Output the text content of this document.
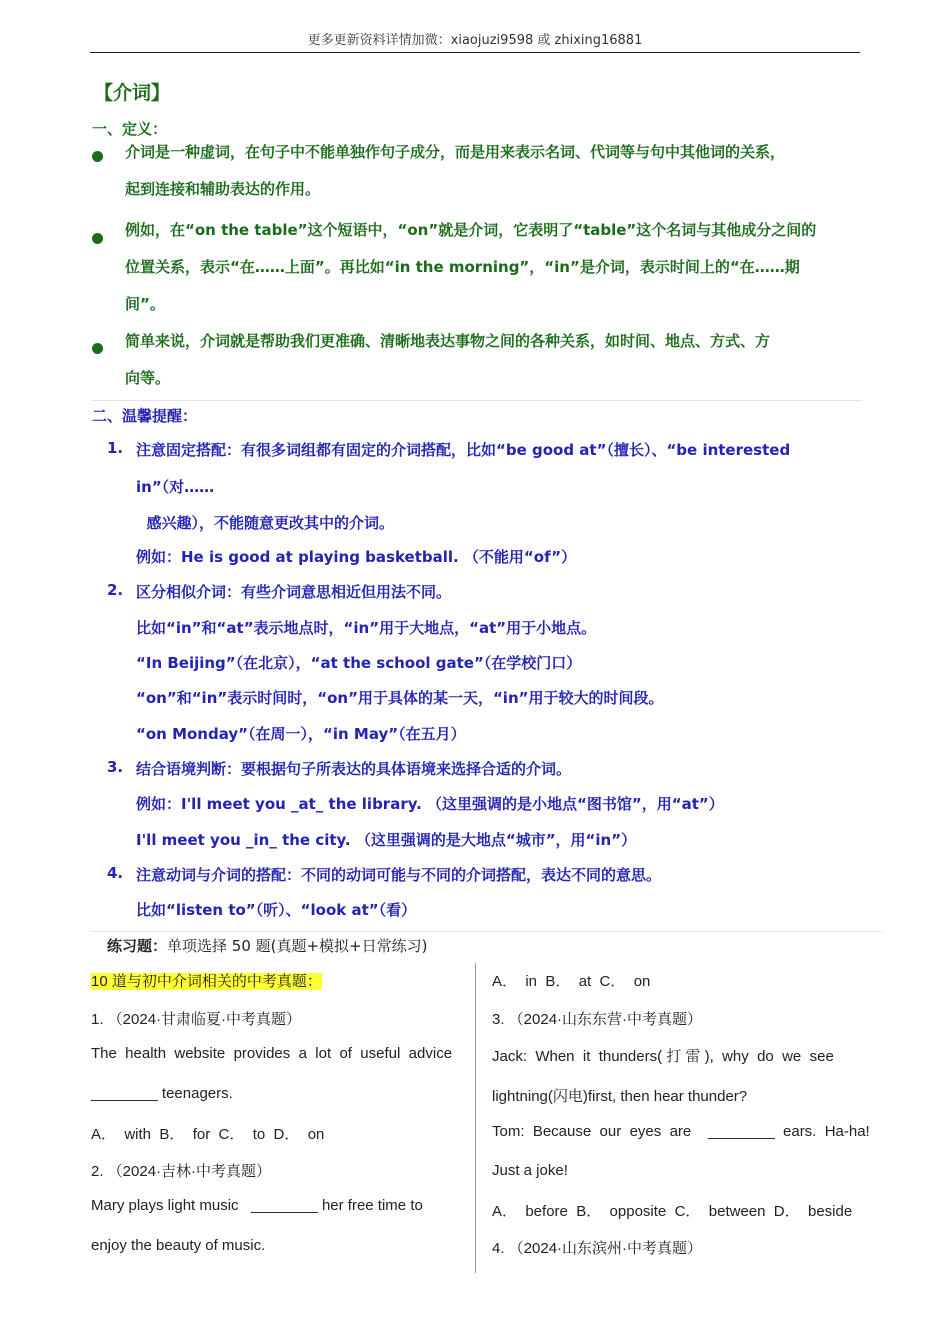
更多更新资料详情加微：xiaojuzi9598 或 zhixing16881
【介词】
一、定义：
介词是一种虚词，在句子中不能单独作句子成分，而是用来表示名词、代词等与句中其他词的关系，
起到连接和辅助表达的作用。
例如，在“on the table”这个短语中，“on”就是介词，它表明了“table”这个名词与其他成分之间的
位置关系，表示“在……上面”。再比如“in the morning”，“in”是介词，表示时间上的“在……期
间”。
简单来说，介词就是帮助我们更准确、清晰地表达事物之间的各种关系，如时间、地点、方式、方
向等。
二、温馨提醒：
1. 注意固定搭配：有很多词组都有固定的介词搭配，比如“be good at”（擅长）、“be interested
in”（对……
感兴趣），不能随意更改其中的介词。
例如：He is good at playing basketball. （不能用“of”）
2. 区分相似介词：有些介词意思相近但用法不同。
比如“in”和“at”表示地点时，“in”用于大地点，“at”用于小地点。
“In Beijing”（在北京），“at the school gate”（在学校门口）
“on”和“in”表示时间时，“on”用于具体的某一天，“in”用于较大的时间段。
“on Monday”（在周一），“in May”（在五月）
3. 结合语境判断：要根据句子所表达的具体语境来选择合适的介词。
例如：I'll meet you _at_ the library. （这里强调的是小地点“图书馆”，用“at”）
I'll meet you _in_ the city. （这里强调的是大地点“城市”，用“in”）
4. 注意动词与介词的搭配：不同的动词可能与不同的介词搭配，表达不同的意思。
比如“listen to”（听）、“look at”（看）
练习题：单项选择 50 题(真题+模拟+日常练习)
10 道与初中介词相关的中考真题：
1. （2024·甘肃临夏·中考真题）
The  health  website  provides  a  lot  of  useful  advice
________ teenagers.
A．  with  B．  for  C．  to  D．  on
2. （2024·吉林·中考真题）
Mary plays light music   ________ her free time to
enjoy the beauty of music.
A．  in  B．  at  C．  on
3. （2024·山东东营·中考真题）
Jack:  When  it  thunders( 打 雷 ),  why  do  we  see
lightning(闪电)first, then hear thunder?
Tom:  Because  our  eyes  are    ________  ears.  Ha-ha!
Just a joke!
A．  before  B．  opposite  C．  between  D．  beside
4. （2024·山东滨州·中考真题）
